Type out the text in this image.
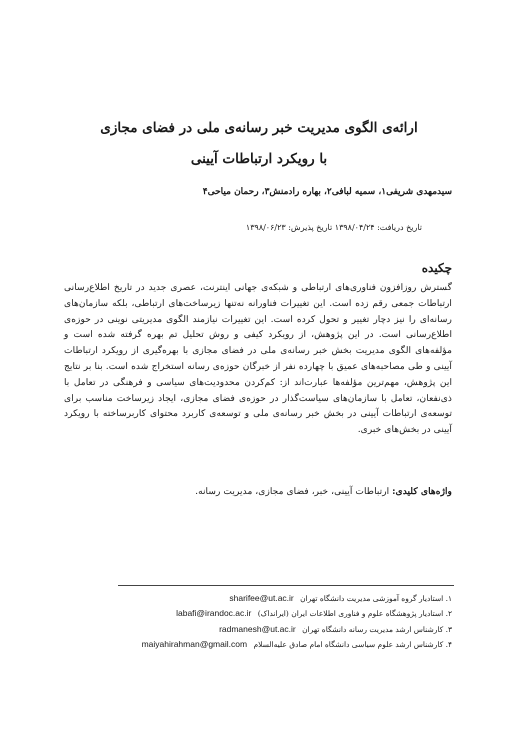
ارائه‌ی الگوی مدیریت خبر رسانه‌ی ملی در فضای مجازی
با رویکرد ارتباطات آیینی
سیدمهدی شریفی۱، سمیه لبافی۲، بهاره رادمنش۳، رحمان میاحی۴
تاریخ دریافت: ۱۳۹۸/۰۴/۲۴ تاریخ پذیرش: ۱۳۹۸/۰۶/۲۳
چکیده

گسترش روزافزون فناوری‌های ارتباطی و شبکه‌ی جهانی اینترنت، عصری جدید در تاریخ اطلاع‌رسانی ارتباطات جمعی رقم زده است. این تغییرات فناورانه نه‌تنها زیرساخت‌های ارتباطی، بلکه سازمان‌های رسانه‌ای را نیز دچار تغییر و تحول کرده است. این تغییرات نیازمند الگوی مدیریتی نوینی در حوزه‌ی اطلاع‌رسانی است. در این پژوهش، از رویکرد کیفی و روش تحلیل تم بهره گرفته شده است و مؤلفه‌های الگوی مدیریت بخش خبر رسانه‌ی ملی در فضای مجازی با بهره‌گیری از رویکرد ارتباطات آیینی و طی مصاحبه‌های عمیق با چهارده نفر از خبرگان حوزه‌ی رسانه استخراج شده است. بنا بر نتایج این پژوهش، مهم‌ترین مؤلفه‌ها عبارت‌اند از: کم‌کردن محدودیت‌های سیاسی و فرهنگی در تعامل با ذی‌نفعان، تعامل با سازمان‌های سیاست‌گذار در حوزه‌ی فضای مجازی، ایجاد زیرساخت مناسب برای توسعه‌ی ارتباطات آیینی در بخش خبر رسانه‌ی ملی و توسعه‌ی کاربرد محتوای کاربرساخته با رویکرد آیینی در بخش‌های خبری.

واژه‌های کلیدی: ارتباطات آیینی، خبر، فضای مجازی، مدیریت رسانه.
۱. استادیار گروه آموزشی مدیریت دانشگاه تهران sharifee@ut.ac.ir
۲. استادیار پژوهشگاه علوم و فناوری اطلاعات ایران (ایرانداک) labafi@irandoc.ac.ir
۳. کارشناس ارشد مدیریت رسانه دانشگاه تهران radmanesh@ut.ac.ir
۴. کارشناس ارشد علوم سیاسی دانشگاه امام صادق علیه‌السلام maiyahirahman@gmail.com
